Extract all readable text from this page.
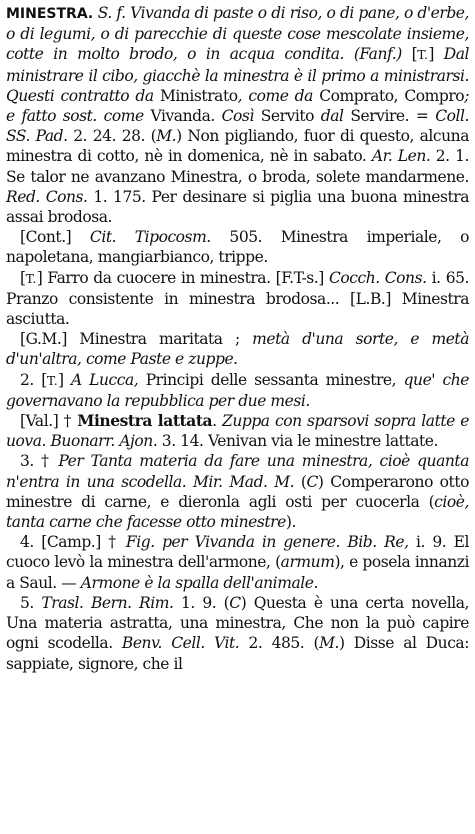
MINESTRA. S. f. Vivanda di paste o di riso, o di pane, o d'erbe, o di legumi, o di parecchie di queste cose mescolate insieme, cotte in molto brodo, o in acqua condita. (Fanf.) [T.] Dal ministrare il cibo, giacchè la minestra è il primo a ministrarsi. Questi contratto da Ministrato, come da Comprato, Compro; e fatto sost. come Vivanda. Così Servito dal Servire. = Coll. SS. Pad. 2. 24. 28. (M.) Non pigliando, fuor di questo, alcuna minestra di cotto, nè in domenica, nè in sabato. Ar. Len. 2. 1. Se talor ne avanzano Minestra, o broda, solete mandarmene. Red. Cons. 1. 175. Per desinare si piglia una buona minestra assai brodosa.

[Cont.] Cit. Tipocosm. 505. Minestra imperiale, o napoletana, mangiarbianco, trippe.

[T.] Farro da cuocere in minestra. [F.T-s.] Cocch. Cons. i. 65. Pranzo consistente in minestra brodosa... [L.B.] Minestra asciutta.

[G.M.] Minestra maritata ; metà d'una sorte, e metà d'un'altra, come Paste e zuppe.

2. [T.] A Lucca, Principi delle sessanta minestre, que' che governavano la repubblica per due mesi.

[Val.] † Minestra lattata. Zuppa con sparsovi sopra latte e uova. Buonarr. Ajon. 3. 14. Venivan via le minestre lattate.

3. † Per Tanta materia da fare una minestra, cioè quanta n'entra in una scodella. Mir. Mad. M. (C) Comperarono otto minestre di carne, e dieronla agli osti per cuocerla (cioè, tanta carne che facesse otto minestre).

4. [Camp.] † Fig. per Vivanda in genere. Bib. Re, i. 9. El cuoco levò la minestra dell'armone, (armum), e posela innanzi a Saul. — Armone è la spalla dell'animale.

5. Trasl. Bern. Rim. 1. 9. (C) Questa è una certa novella, Una materia astratta, una minestra, Che non la può capire ogni scodella. Benv. Cell. Vit. 2. 485. (M.) Disse al Duca: sappiate, signore, che il
